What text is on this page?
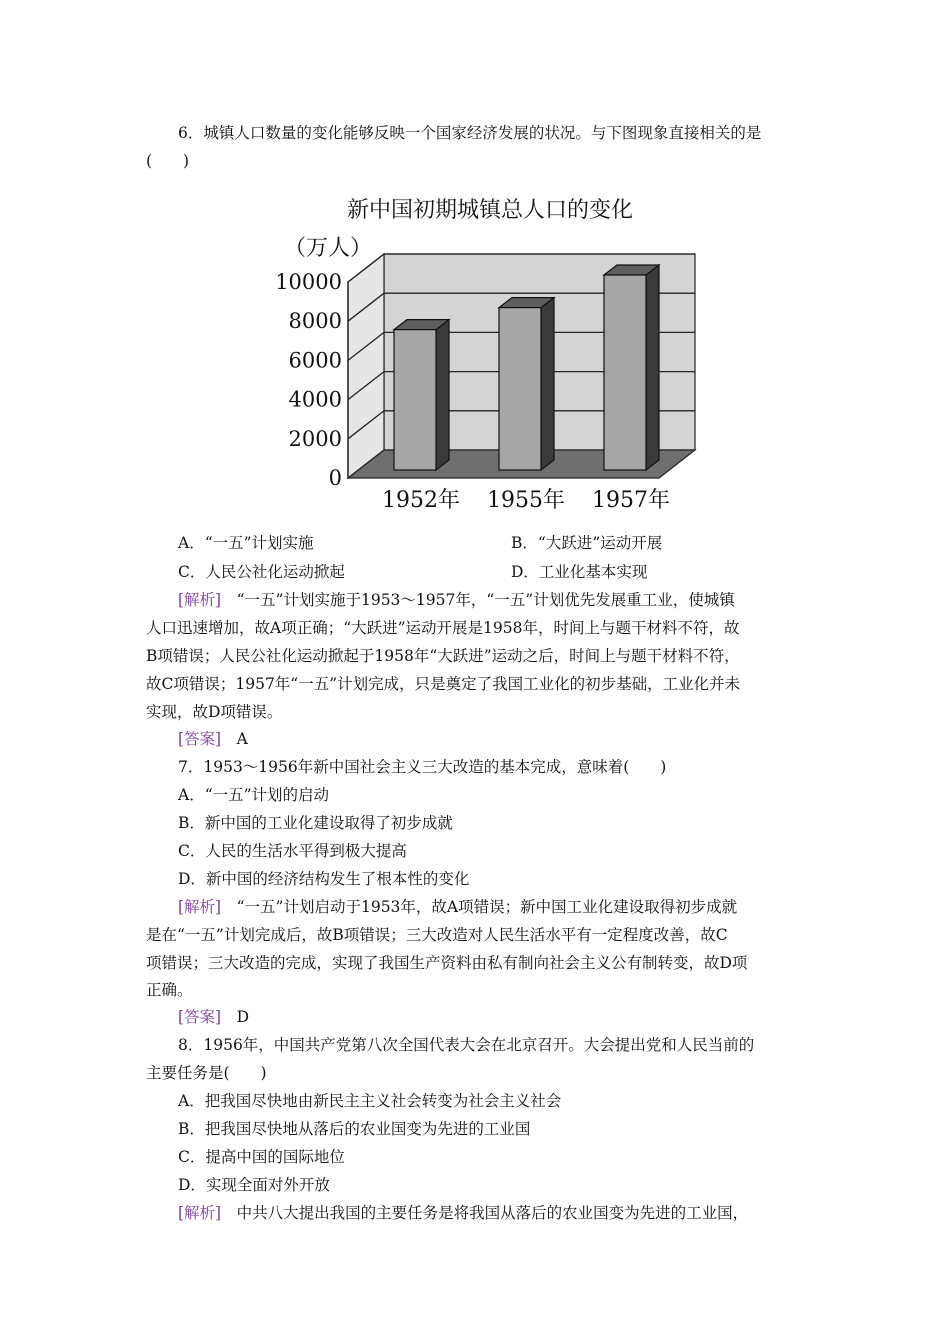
6．城镇人口数量的变化能够反映一个国家经济发展的状况。与下图现象直接相关的是
(　　)
新中国初期城镇总人口的变化
（万人）
0
2000
4000
6000
8000
10000
1952年 1955年 1957年
A．“一五”计划实施	B．“大跃进”运动开展
C．人民公社化运动掀起	D．工业化基本实现
[解析]　 “一五”计划实施于1953～1957年，“一五”计划优先发展重工业，使城镇
人口迅速增加，故A项正确；“大跃进”运动开展是1958年，时间上与题干材料不符，故
B项错误；人民公社化运动掀起于1958年“大跃进”运动之后，时间上与题干材料不符，
故C项错误；1957年“一五”计划完成，只是奠定了我国工业化的初步基础，工业化并未
实现，故D项错误。
[答案]　 A
7．1953～1956年新中国社会主义三大改造的基本完成，意味着(　　)
A．“一五”计划的启动
B．新中国的工业化建设取得了初步成就
C．人民的生活水平得到极大提高
D．新中国的经济结构发生了根本性的变化
[解析]　 “一五”计划启动于1953年，故A项错误；新中国工业化建设取得初步成就
是在“一五”计划完成后，故B项错误；三大改造对人民生活水平有一定程度改善，故C
项错误；三大改造的完成，实现了我国生产资料由私有制向社会主义公有制转变，故D项
正确。
[答案]　 D
8．1956年，中国共产党第八次全国代表大会在北京召开。大会提出党和人民当前的
主要任务是(　　)
A．把我国尽快地由新民主主义社会转变为社会主义社会
B．把我国尽快地从落后的农业国变为先进的工业国
C．提高中国的国际地位
D．实现全面对外开放
[解析]　 中共八大提出我国的主要任务是将我国从落后的农业国变为先进的工业国，
